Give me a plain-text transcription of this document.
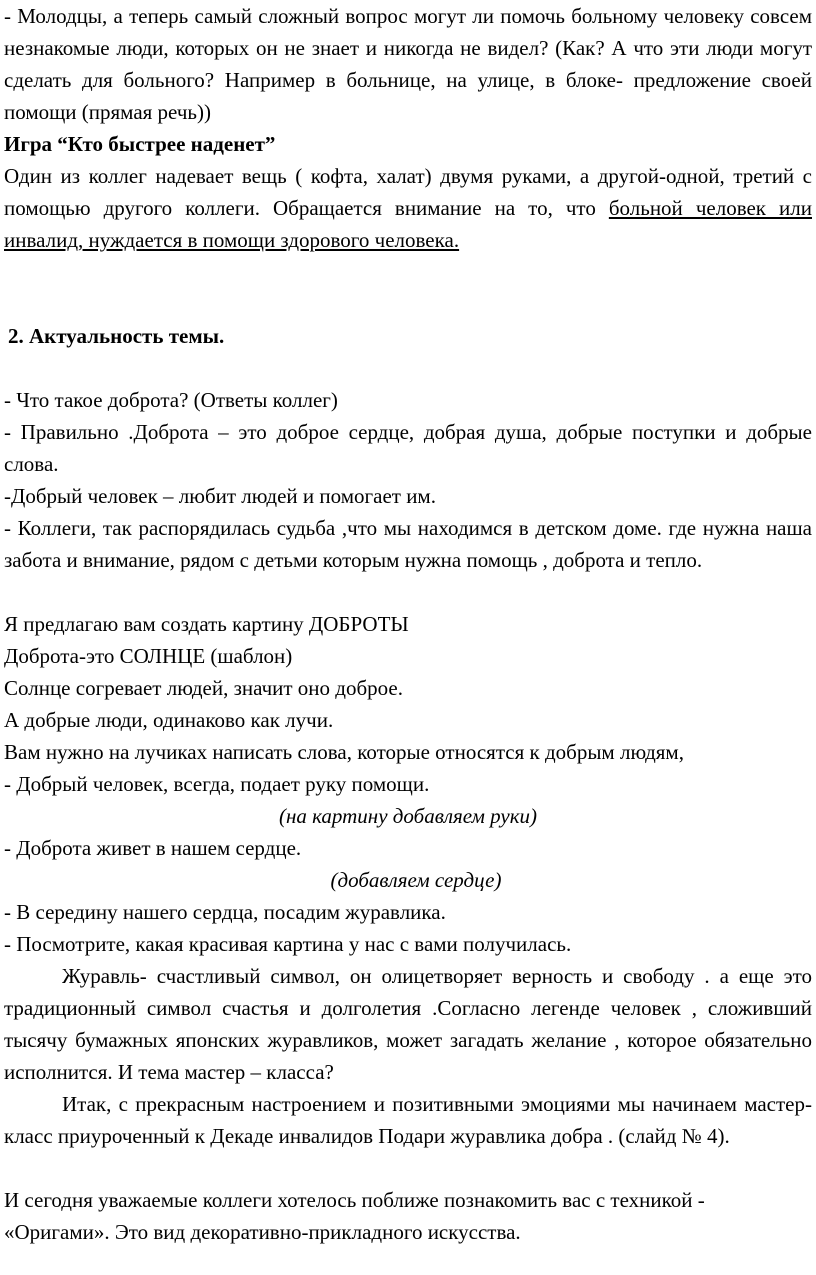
- Молодцы, а теперь самый сложный вопрос могут ли помочь больному человеку совсем незнакомые люди, которых он не знает и никогда не видел? (Как? А что эти люди могут сделать для больного? Например в больнице, на улице, в блоке- предложение своей помощи (прямая речь))

Игра “Кто быстрее наденет”

Один из коллег надевает вещь ( кофта, халат) двумя руками, а другой-одной, третий с помощью другого коллеги. Обращается внимание на то, что больной человек или инвалид, нуждается в помощи здорового человека.

2. Актуальность темы.

- Что такое доброта? (Ответы коллег)

- Правильно .Доброта – это доброе сердце, добрая душа, добрые поступки и добрые слова.

-Добрый человек – любит людей и помогает им.

- Коллеги, так распорядилась судьба ,что мы находимся в детском доме. где нужна наша забота и внимание, рядом с детьми которым нужна помощь , доброта и тепло.

Я предлагаю вам создать картину ДОБРОТЫ

Доброта-это СОЛНЦЕ (шаблон)

Солнце согревает людей, значит оно доброе.

А добрые люди, одинаково как лучи.

Вам нужно на лучиках написать слова, которые относятся к добрым людям,

- Добрый человек, всегда, подает руку помощи.

(на картину добавляем руки)

- Доброта живет в нашем сердце.

(добавляем сердце)

- В середину нашего сердца, посадим журавлика.

- Посмотрите, какая красивая картина у нас с вами получилась.

Журавль- счастливый символ, он олицетворяет верность и свободу . а еще это традиционный символ счастья и долголетия .Согласно легенде человек , сложивший тысячу бумажных японских журавликов, может загадать желание , которое обязательно исполнится. И тема мастер – класса?

Итак, с прекрасным настроением и позитивными эмоциями мы начинаем мастер-класс приуроченный к Декаде инвалидов Подари журавлика добра . (слайд № 4).

И сегодня уважаемые коллеги хотелось поближе познакомить вас с техникой - «Оригами». Это вид декоративно-прикладного искусства.
